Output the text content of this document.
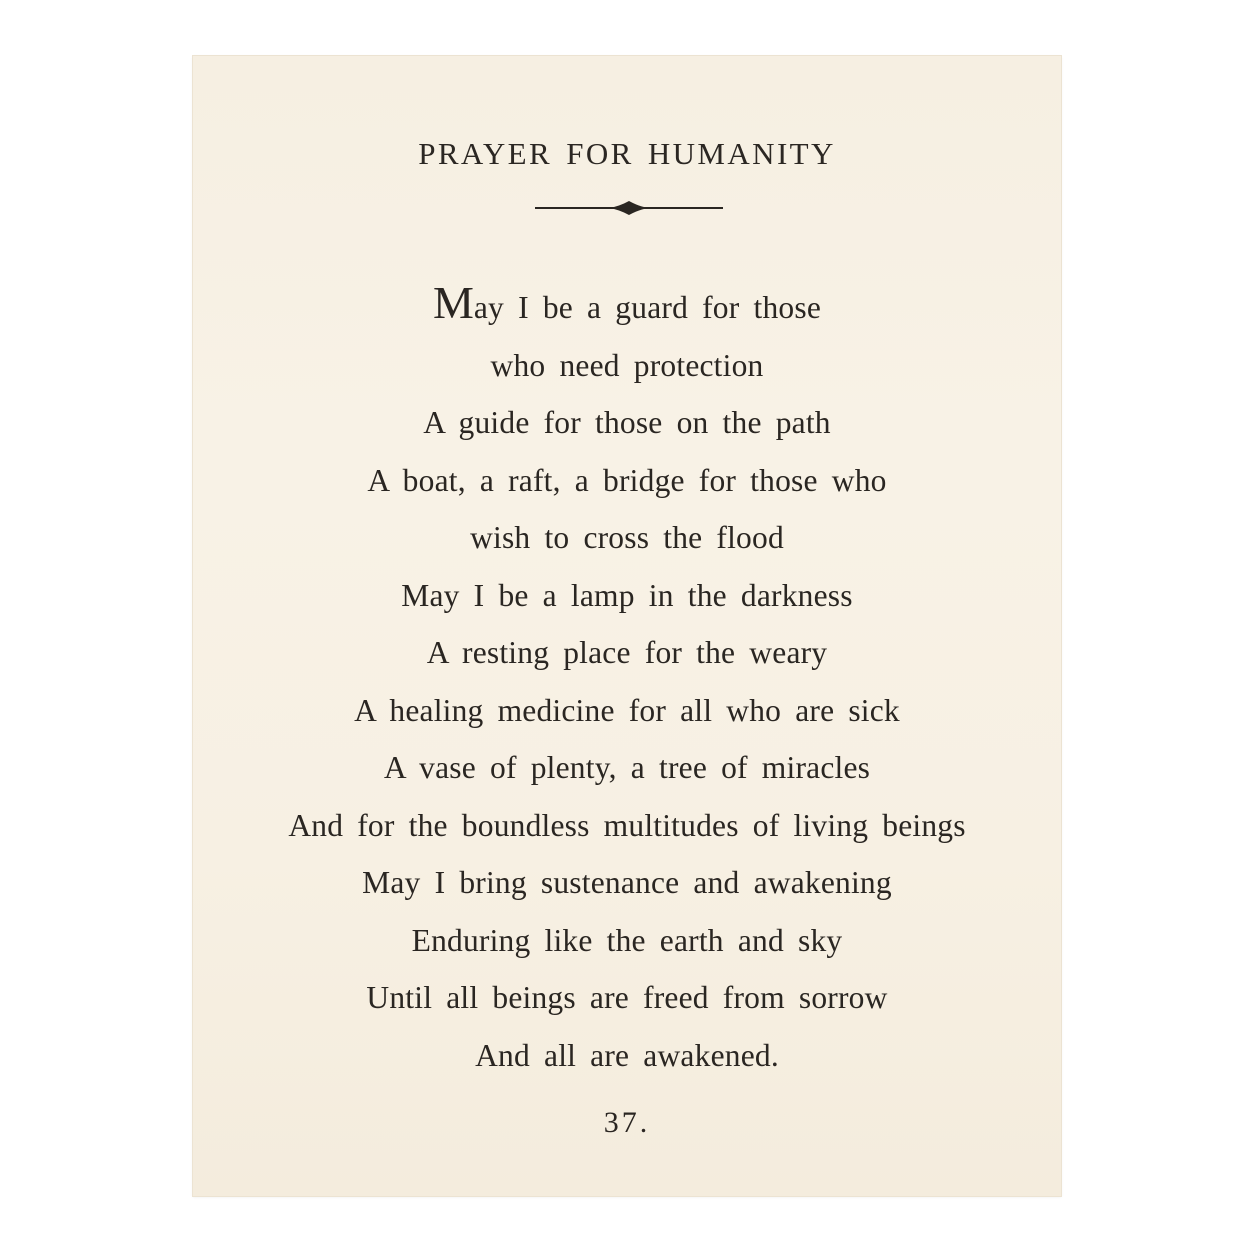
PRAYER FOR HUMANITY
May I be a guard for those
who need protection
A guide for those on the path
A boat, a raft, a bridge for those who
wish to cross the flood
May I be a lamp in the darkness
A resting place for the weary
A healing medicine for all who are sick
A vase of plenty, a tree of miracles
And for the boundless multitudes of living beings
May I bring sustenance and awakening
Enduring like the earth and sky
Until all beings are freed from sorrow
And all are awakened.
37.
